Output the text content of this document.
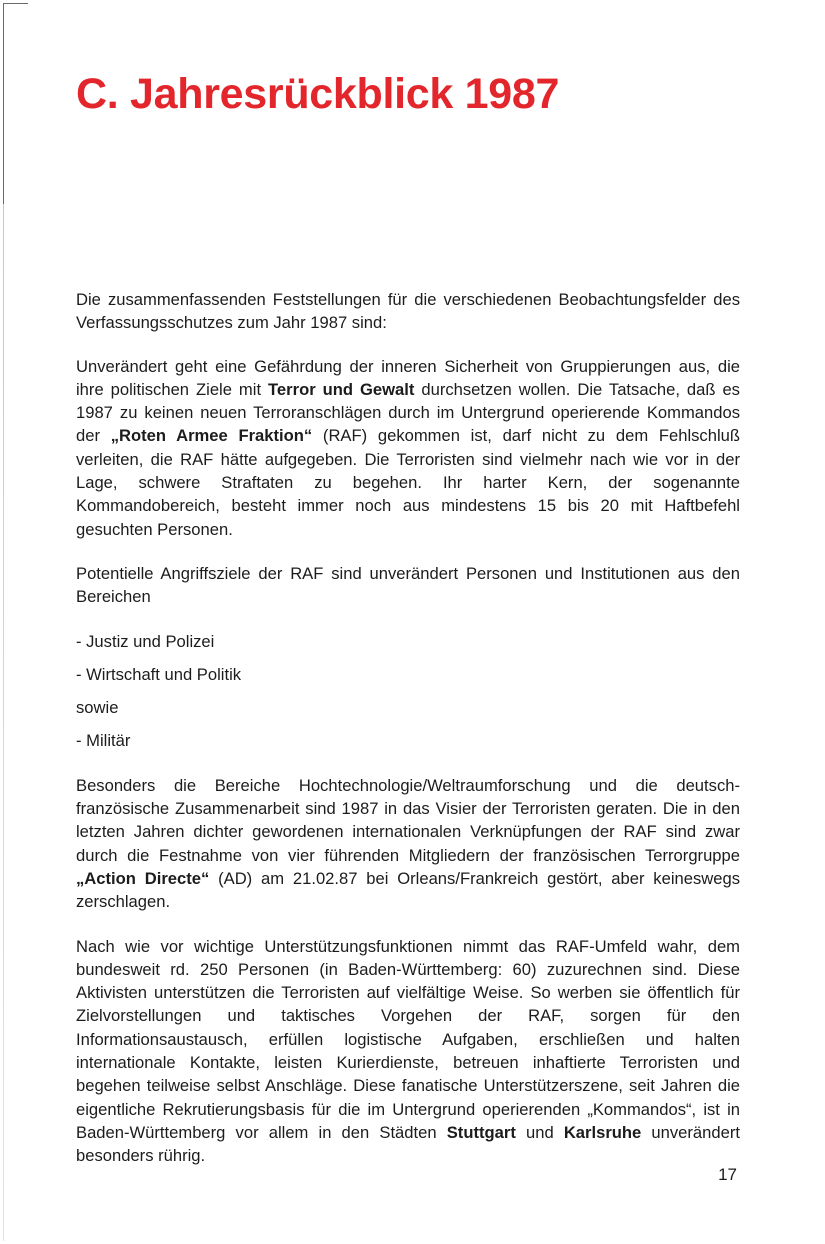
C. Jahresrückblick 1987

Die zusammenfassenden Feststellungen für die verschiedenen Beobachtungsfelder des Verfassungsschutzes zum Jahr 1987 sind:

Unverändert geht eine Gefährdung der inneren Sicherheit von Gruppierungen aus, die ihre politischen Ziele mit Terror und Gewalt durchsetzen wollen. Die Tatsache, daß es 1987 zu keinen neuen Terroranschlägen durch im Untergrund operierende Kommandos der „Roten Armee Fraktion“ (RAF) gekommen ist, darf nicht zu dem Fehlschluß verleiten, die RAF hätte aufgegeben. Die Terroristen sind vielmehr nach wie vor in der Lage, schwere Straftaten zu begehen. Ihr harter Kern, der sogenannte Kommandobereich, besteht immer noch aus mindestens 15 bis 20 mit Haftbefehl gesuchten Personen.

Potentielle Angriffsziele der RAF sind unverändert Personen und Institutionen aus den Bereichen

- Justiz und Polizei

- Wirtschaft und Politik

sowie

- Militär

Besonders die Bereiche Hochtechnologie/Weltraumforschung und die deutsch-französische Zusammenarbeit sind 1987 in das Visier der Terroristen geraten. Die in den letzten Jahren dichter gewordenen internationalen Verknüpfungen der RAF sind zwar durch die Festnahme von vier führenden Mitgliedern der französischen Terrorgruppe „Action Directe“ (AD) am 21.02.87 bei Orleans/Frankreich gestört, aber keineswegs zerschlagen.

Nach wie vor wichtige Unterstützungsfunktionen nimmt das RAF-Umfeld wahr, dem bundesweit rd. 250 Personen (in Baden-Württemberg: 60) zuzurechnen sind. Diese Aktivisten unterstützen die Terroristen auf vielfältige Weise. So werben sie öffentlich für Zielvorstellungen und taktisches Vorgehen der RAF, sorgen für den Informationsaustausch, erfüllen logistische Aufgaben, erschließen und halten internationale Kontakte, leisten Kurierdienste, betreuen inhaftierte Terroristen und begehen teilweise selbst Anschläge. Diese fanatische Unterstützerszene, seit Jahren die eigentliche Rekrutierungsbasis für die im Untergrund operierenden „Kommandos“, ist in Baden-Württemberg vor allem in den Städten Stuttgart und Karlsruhe unverändert besonders rührig.

17
